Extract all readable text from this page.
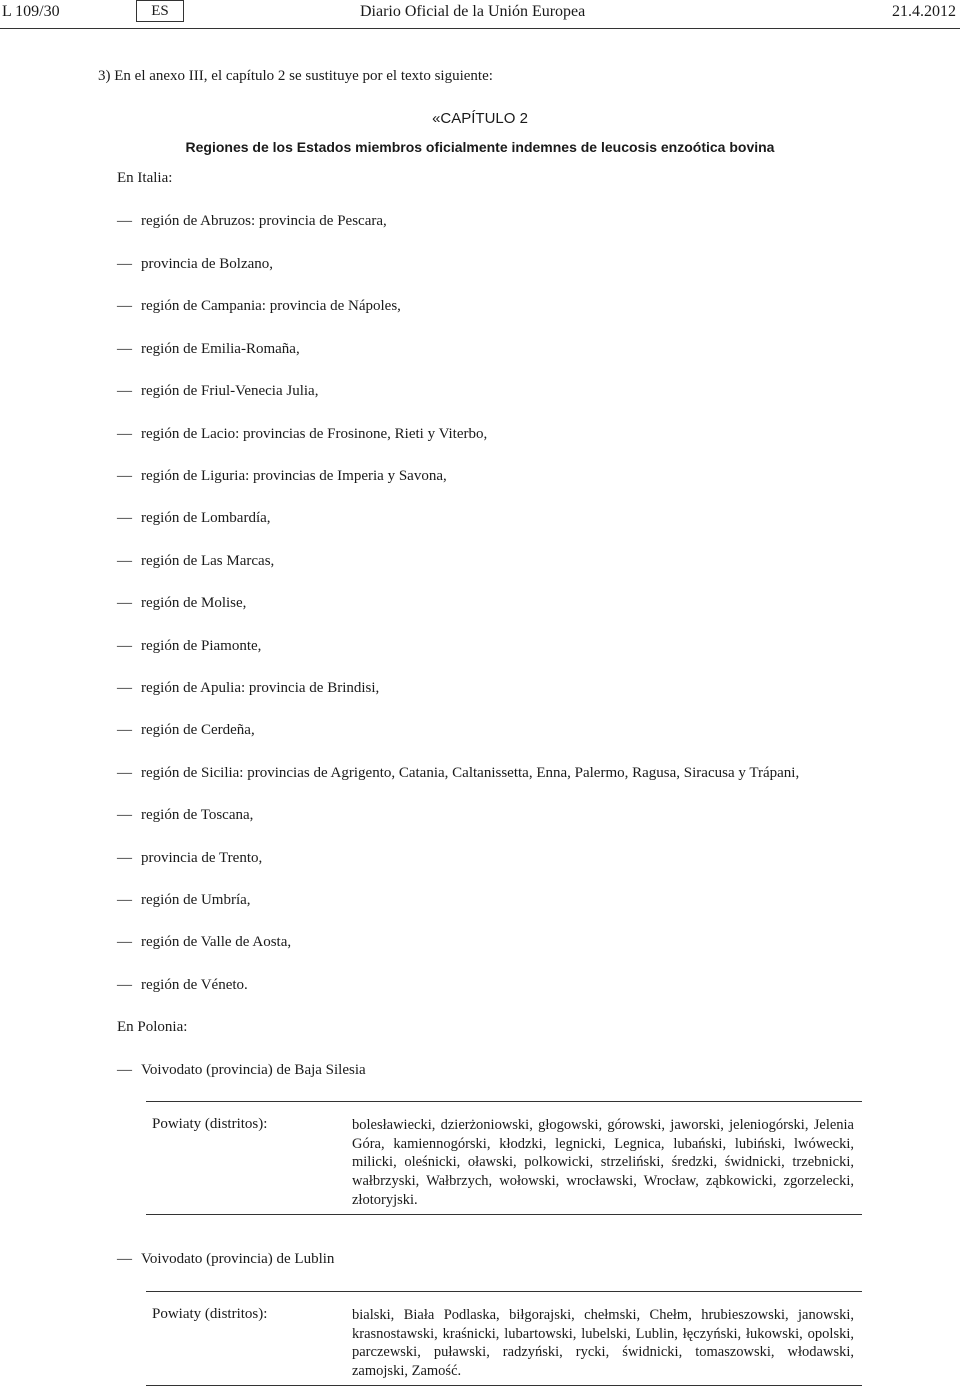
L 109/30	ES	Diario Oficial de la Unión Europea	21.4.2012
3) En el anexo III, el capítulo 2 se sustituye por el texto siguiente:
«CAPÍTULO 2
Regiones de los Estados miembros oficialmente indemnes de leucosis enzoótica bovina
En Italia:
— región de Abruzos: provincia de Pescara,
— provincia de Bolzano,
— región de Campania: provincia de Nápoles,
— región de Emilia-Romaña,
— región de Friul-Venecia Julia,
— región de Lacio: provincias de Frosinone, Rieti y Viterbo,
— región de Liguria: provincias de Imperia y Savona,
— región de Lombardía,
— región de Las Marcas,
— región de Molise,
— región de Piamonte,
— región de Apulia: provincia de Brindisi,
— región de Cerdeña,
— región de Sicilia: provincias de Agrigento, Catania, Caltanissetta, Enna, Palermo, Ragusa, Siracusa y Trápani,
— región de Toscana,
— provincia de Trento,
— región de Umbría,
— región de Valle de Aosta,
— región de Véneto.
En Polonia:
— Voivodato (provincia) de Baja Silesia
Powiaty (distritos):	bolesławiecki, dzierżoniowski, głogowski, górowski, jaworski, jeleniogórski, Jelenia Góra, kamiennogórski, kłodzki, legnicki, Legnica, lubański, lubiński, lwówecki, milicki, oleśnicki, oławski, polkowicki, strzeliński, średzki, świdnicki, trzebnicki, wałbrzyski, Wałbrzych, wołowski, wrocławski, Wrocław, ząbkowicki, zgorzelecki, złotoryjski.
— Voivodato (provincia) de Lublin
Powiaty (distritos):	bialski, Biała Podlaska, biłgorajski, chełmski, Chełm, hrubieszowski, janowski, krasnostawski, kraśnicki, lubartowski, lubelski, Lublin, łęczyński, łukowski, opolski, parczewski, puławski, radzyński, rycki, świdnicki, tomaszowski, włodawski, zamojski, Zamość.
